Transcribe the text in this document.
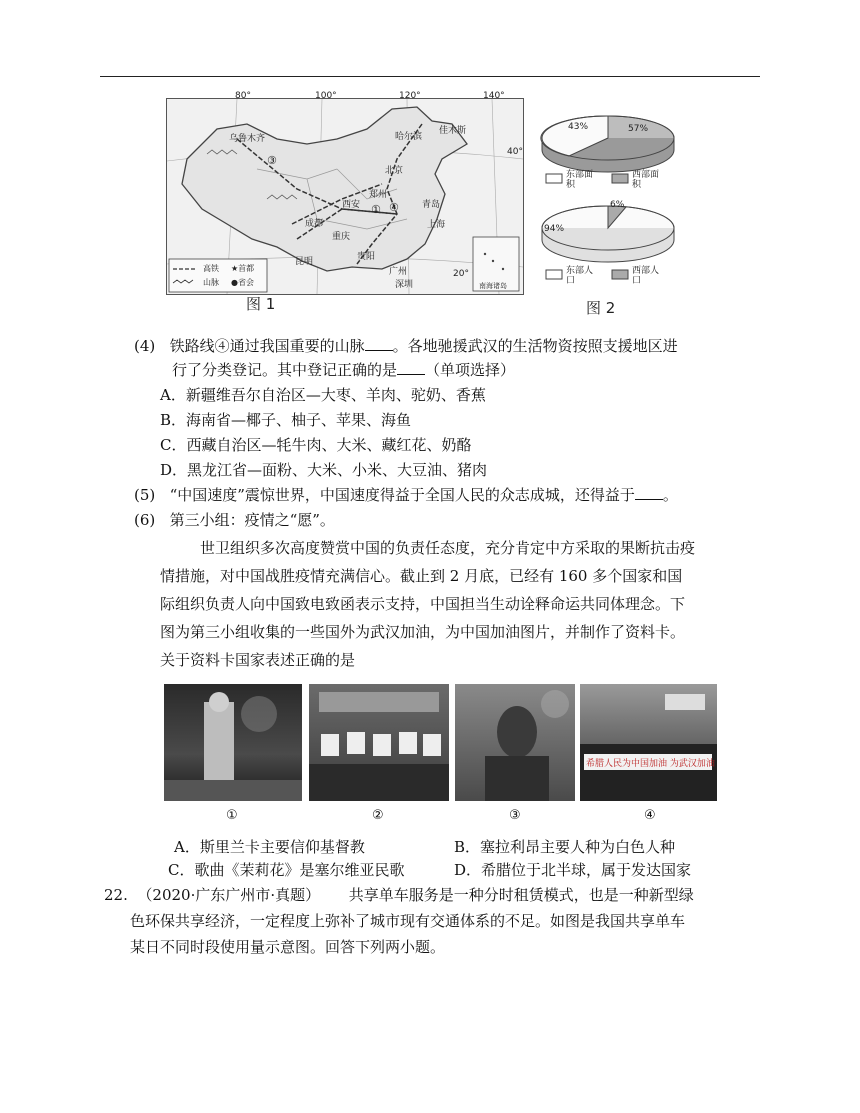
80°	100°	120°	140°
40°
20°
乌鲁木齐	哈尔滨
佳木斯
北京
青岛
西安
郑州
成都
重庆
上海
贵阳
昆明
广州
深圳
③
① ④
高铁 ★首都
山脉 ●省会	南海诸岛
图 1
43%	57%
东部面积
西部面积
94%
6%
东部人口
西部人口
图 2
(4) 铁路线④通过我国重要的山脉 。各地驰援武汉的生活物资按照支援地区进
行了分类登记。其中登记正确的是 （单项选择）
A．新疆维吾尔自治区—大枣、羊肉、驼奶、香蕉
B．海南省—椰子、柚子、苹果、海鱼
C．西藏自治区—牦牛肉、大米、藏红花、奶酪
D．黑龙江省—面粉、大米、小米、大豆油、猪肉
(5) “中国速度”震惊世界，中国速度得益于全国人民的众志成城，还得益于 。
(6) 第三小组：疫情之“愿”。
世卫组织多次高度赞赏中国的负责任态度，充分肯定中方采取的果断抗击疫
情措施，对中国战胜疫情充满信心。截止到 2 月底，已经有 160 多个国家和国
际组织负责人向中国致电致函表示支持，中国担当生动诠释命运共同体理念。下
图为第三小组收集的一些国外为武汉加油，为中国加油图片，并制作了资料卡。
关于资料卡国家表述正确的是
希腊人民为中国加油 为武汉加油
①	②	③	④
A．斯里兰卡主要信仰基督教	B．塞拉利昂主要人种为白色人种
C．歌曲《茉莉花》是塞尔维亚民歌	D．希腊位于北半球，属于发达国家
22. （2020·广东广州市·真题） 共享单车服务是一种分时租赁模式，也是一种新型绿
色环保共享经济，一定程度上弥补了城市现有交通体系的不足。如图是我国共享单车
某日不同时段使用量示意图。回答下列两小题。
